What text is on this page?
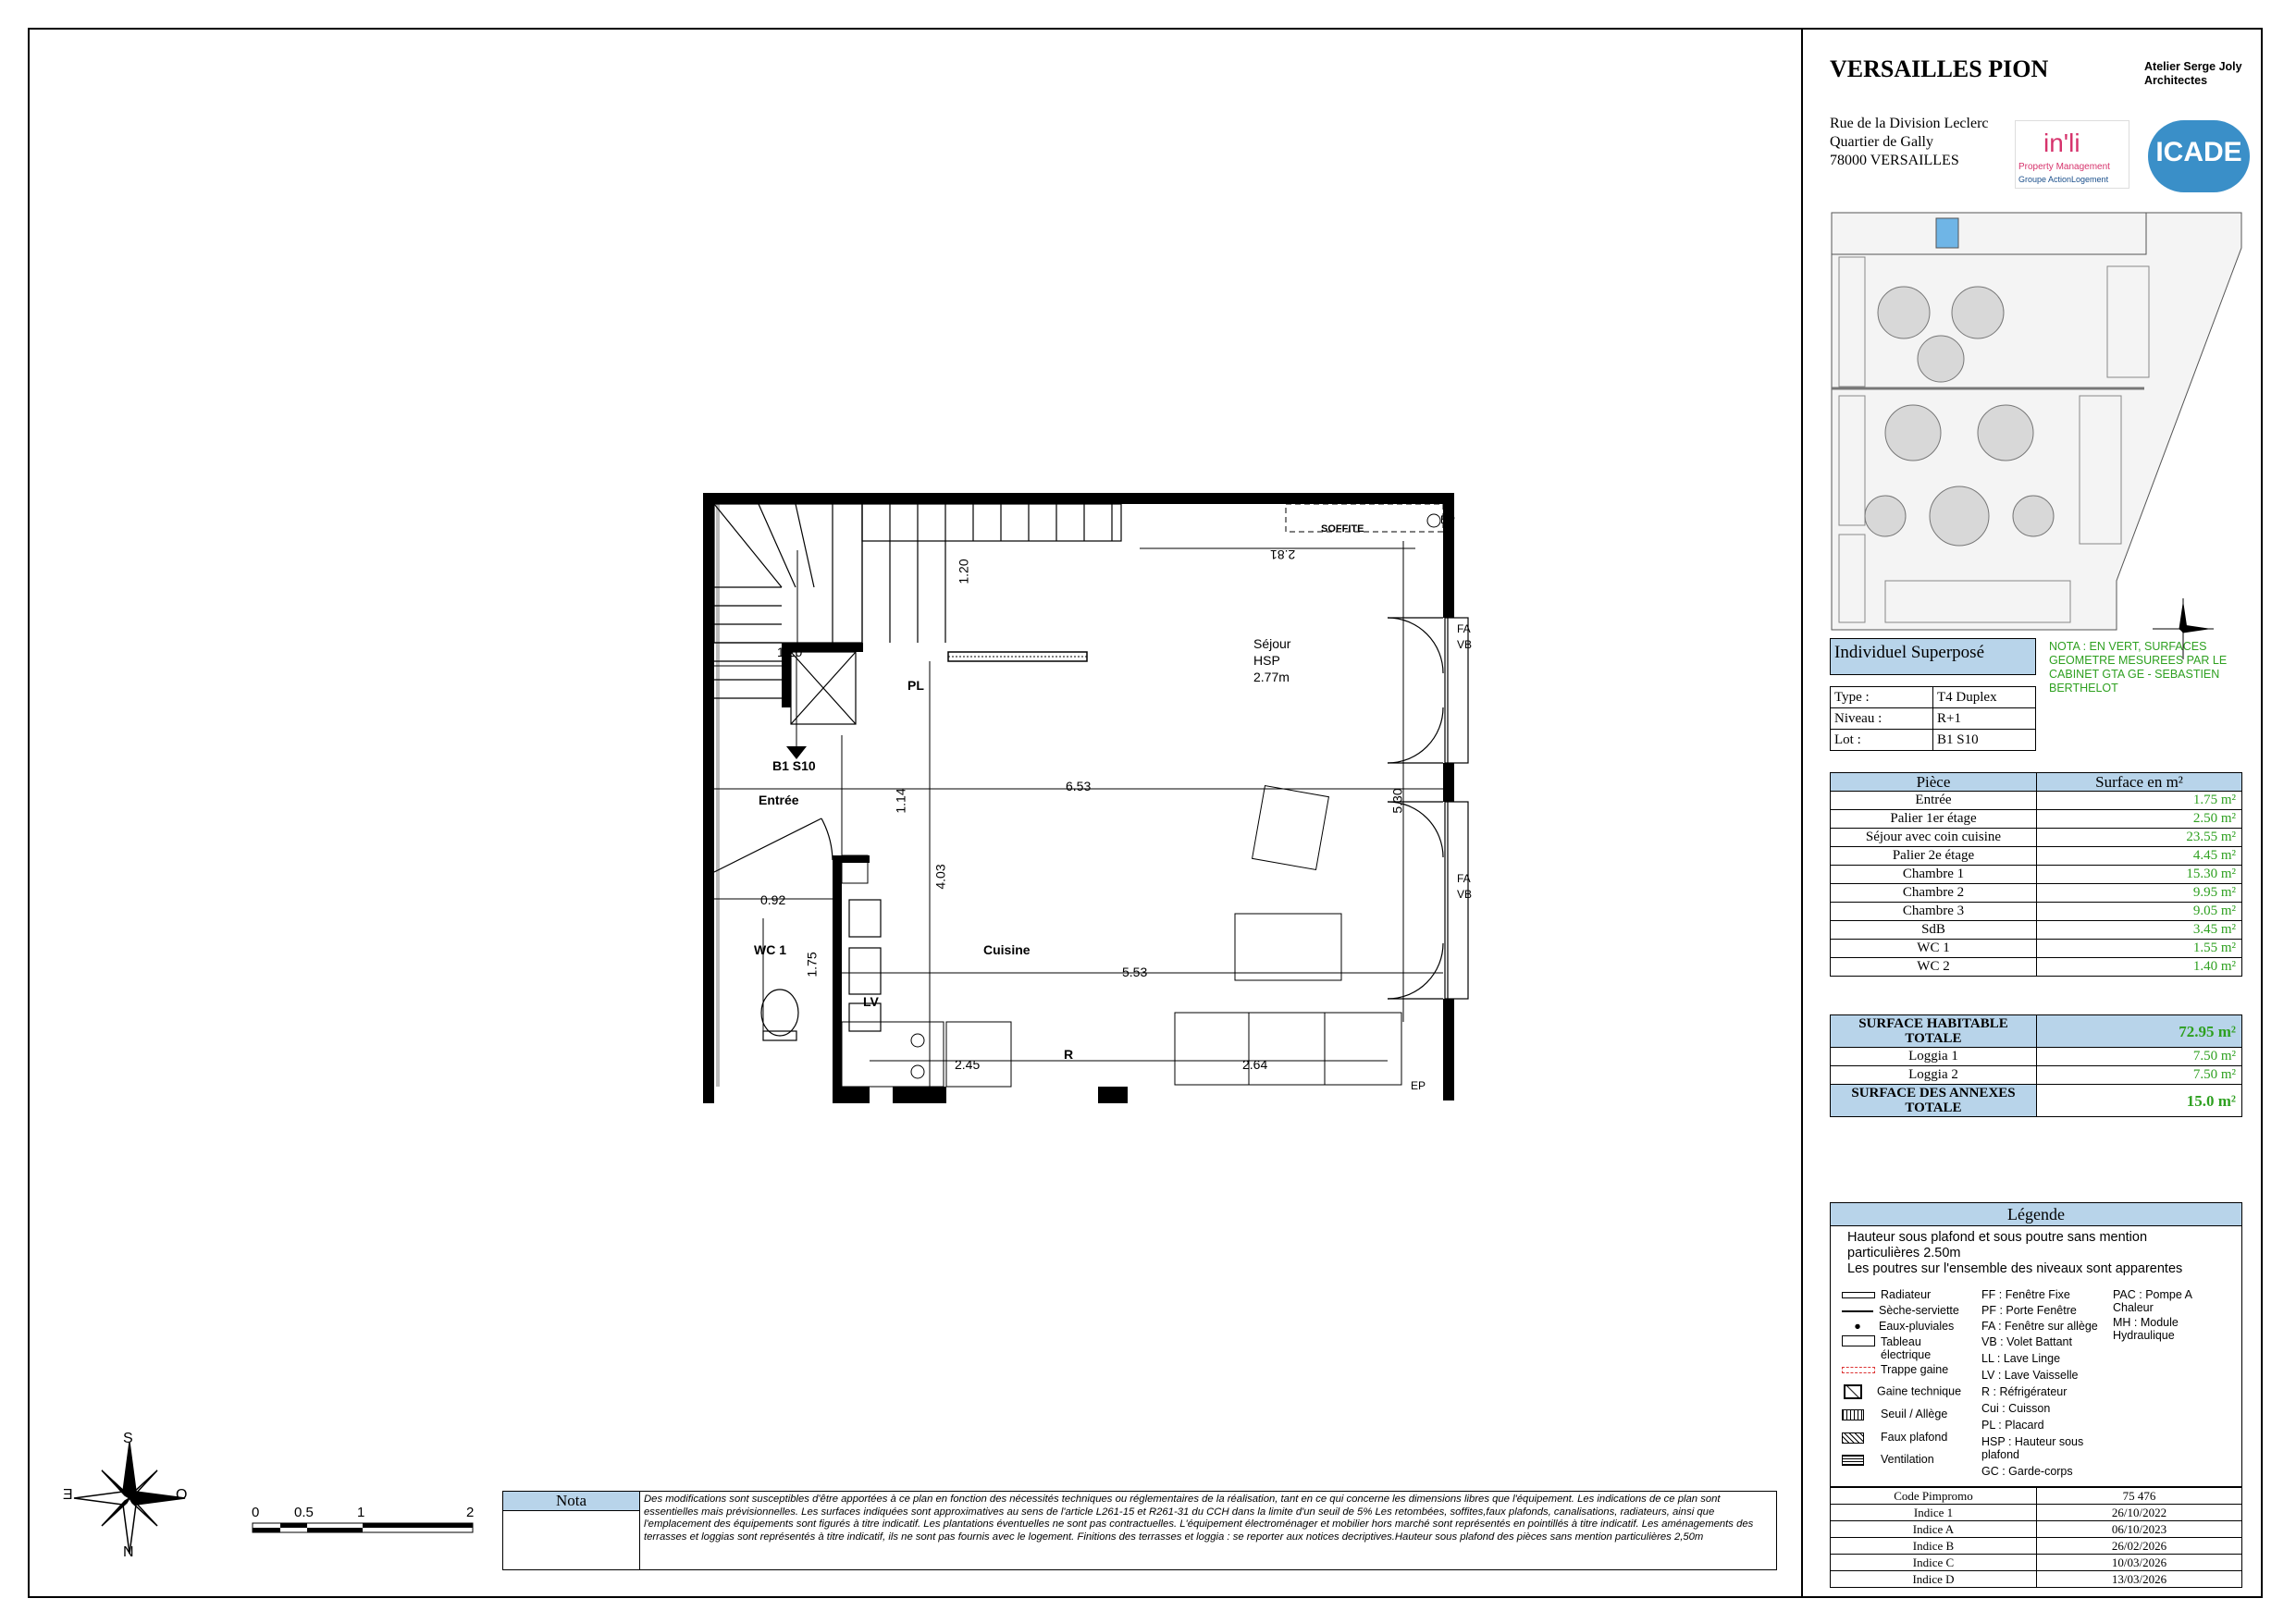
Séjour
HSP
2.77m
Entrée
Cuisine
WC 1
B1 S10
SOFFITE
PL
LV
R
EP
EP
FA
VB
FA
VB
1.20
1.20
2.81
6.53
5.30
1.14
4.03
0.92
1.75	5.53
2.45	2.64
S
N
E	O
0	0.5	1	2
Nota	Des modifications sont susceptibles d'être apportées à ce plan en fonction des nécessités techniques ou réglementaires de la réalisation, tant en ce qui concerne les dimensions libres que l'équipement. Les indications de ce plan sont essentielles mais prévisionnelles. Les surfaces indiquées sont approximatives au sens de l'article L261-15 et R261-31 du CCH dans la limite d'un seuil de 5% Les retombées, soffites,faux plafonds, canalisations, radiateurs, ainsi que l'emplacement des équipements sont figurés à titre indicatif. Les plantations éventuelles ne sont pas contractuelles. L'équipement électroménager et mobilier hors marché sont représentés en pointillés à titre indicatif. Les aménagements des terrasses et loggias sont représentés à titre indicatif, ils ne sont pas fournis avec le logement. Finitions des terrasses et loggia : se reporter aux notices decriptives.Hauteur sous plafond des pièces sans mention particulières 2,50m
VERSAILLES PION	Atelier Serge Joly
Architectes
Rue de la Division Leclerc
Quartier de Gally
78000 VERSAILLES
in'li
Property Management
Groupe ActionLogement
ICADE
Individuel Superposé
Type :	T4 Duplex
Niveau :	R+1
Lot :	B1 S10
NOTA : EN VERT, SURFACES GEOMETRE MESUREES PAR LE CABINET GTA GE - SEBASTIEN BERTHELOT
Pièce	Surface en m²
Entrée	1.75 m²
Palier 1er étage	2.50 m²
Séjour avec coin cuisine	23.55 m²
Palier 2e étage	4.45 m²
Chambre 1	15.30 m²
Chambre 2	9.95 m²
Chambre 3	9.05 m²
SdB	3.45 m²
WC 1	1.55 m²
WC 2	1.40 m²
SURFACE HABITABLE TOTALE	72.95 m²
Loggia 1	7.50 m²
Loggia 2	7.50 m²
SURFACE DES ANNEXES TOTALE	15.0 m²
Légende
Hauteur sous plafond et sous poutre sans mention
particulières 2.50m
Les poutres sur l'ensemble des niveaux sont apparentes
Radiateur
Sèche-serviette
● Eaux-pluviales
Tableau électrique
Trappe gaine
Gaine technique
Seuil / Allège
Faux plafond
Ventilation
FF : Fenêtre Fixe
PF : Porte Fenêtre
FA : Fenêtre sur allège
VB : Volet Battant
LL : Lave Linge
LV : Lave Vaisselle
R : Réfrigérateur
Cui : Cuisson
PL : Placard
HSP : Hauteur sous plafond
GC : Garde-corps
PAC : Pompe A Chaleur
MH : Module Hydraulique
Code Pimpromo	75 476
Indice 1	26/10/2022
Indice A	06/10/2023
Indice B	26/02/2026
Indice C	10/03/2026
Indice D	13/03/2026
